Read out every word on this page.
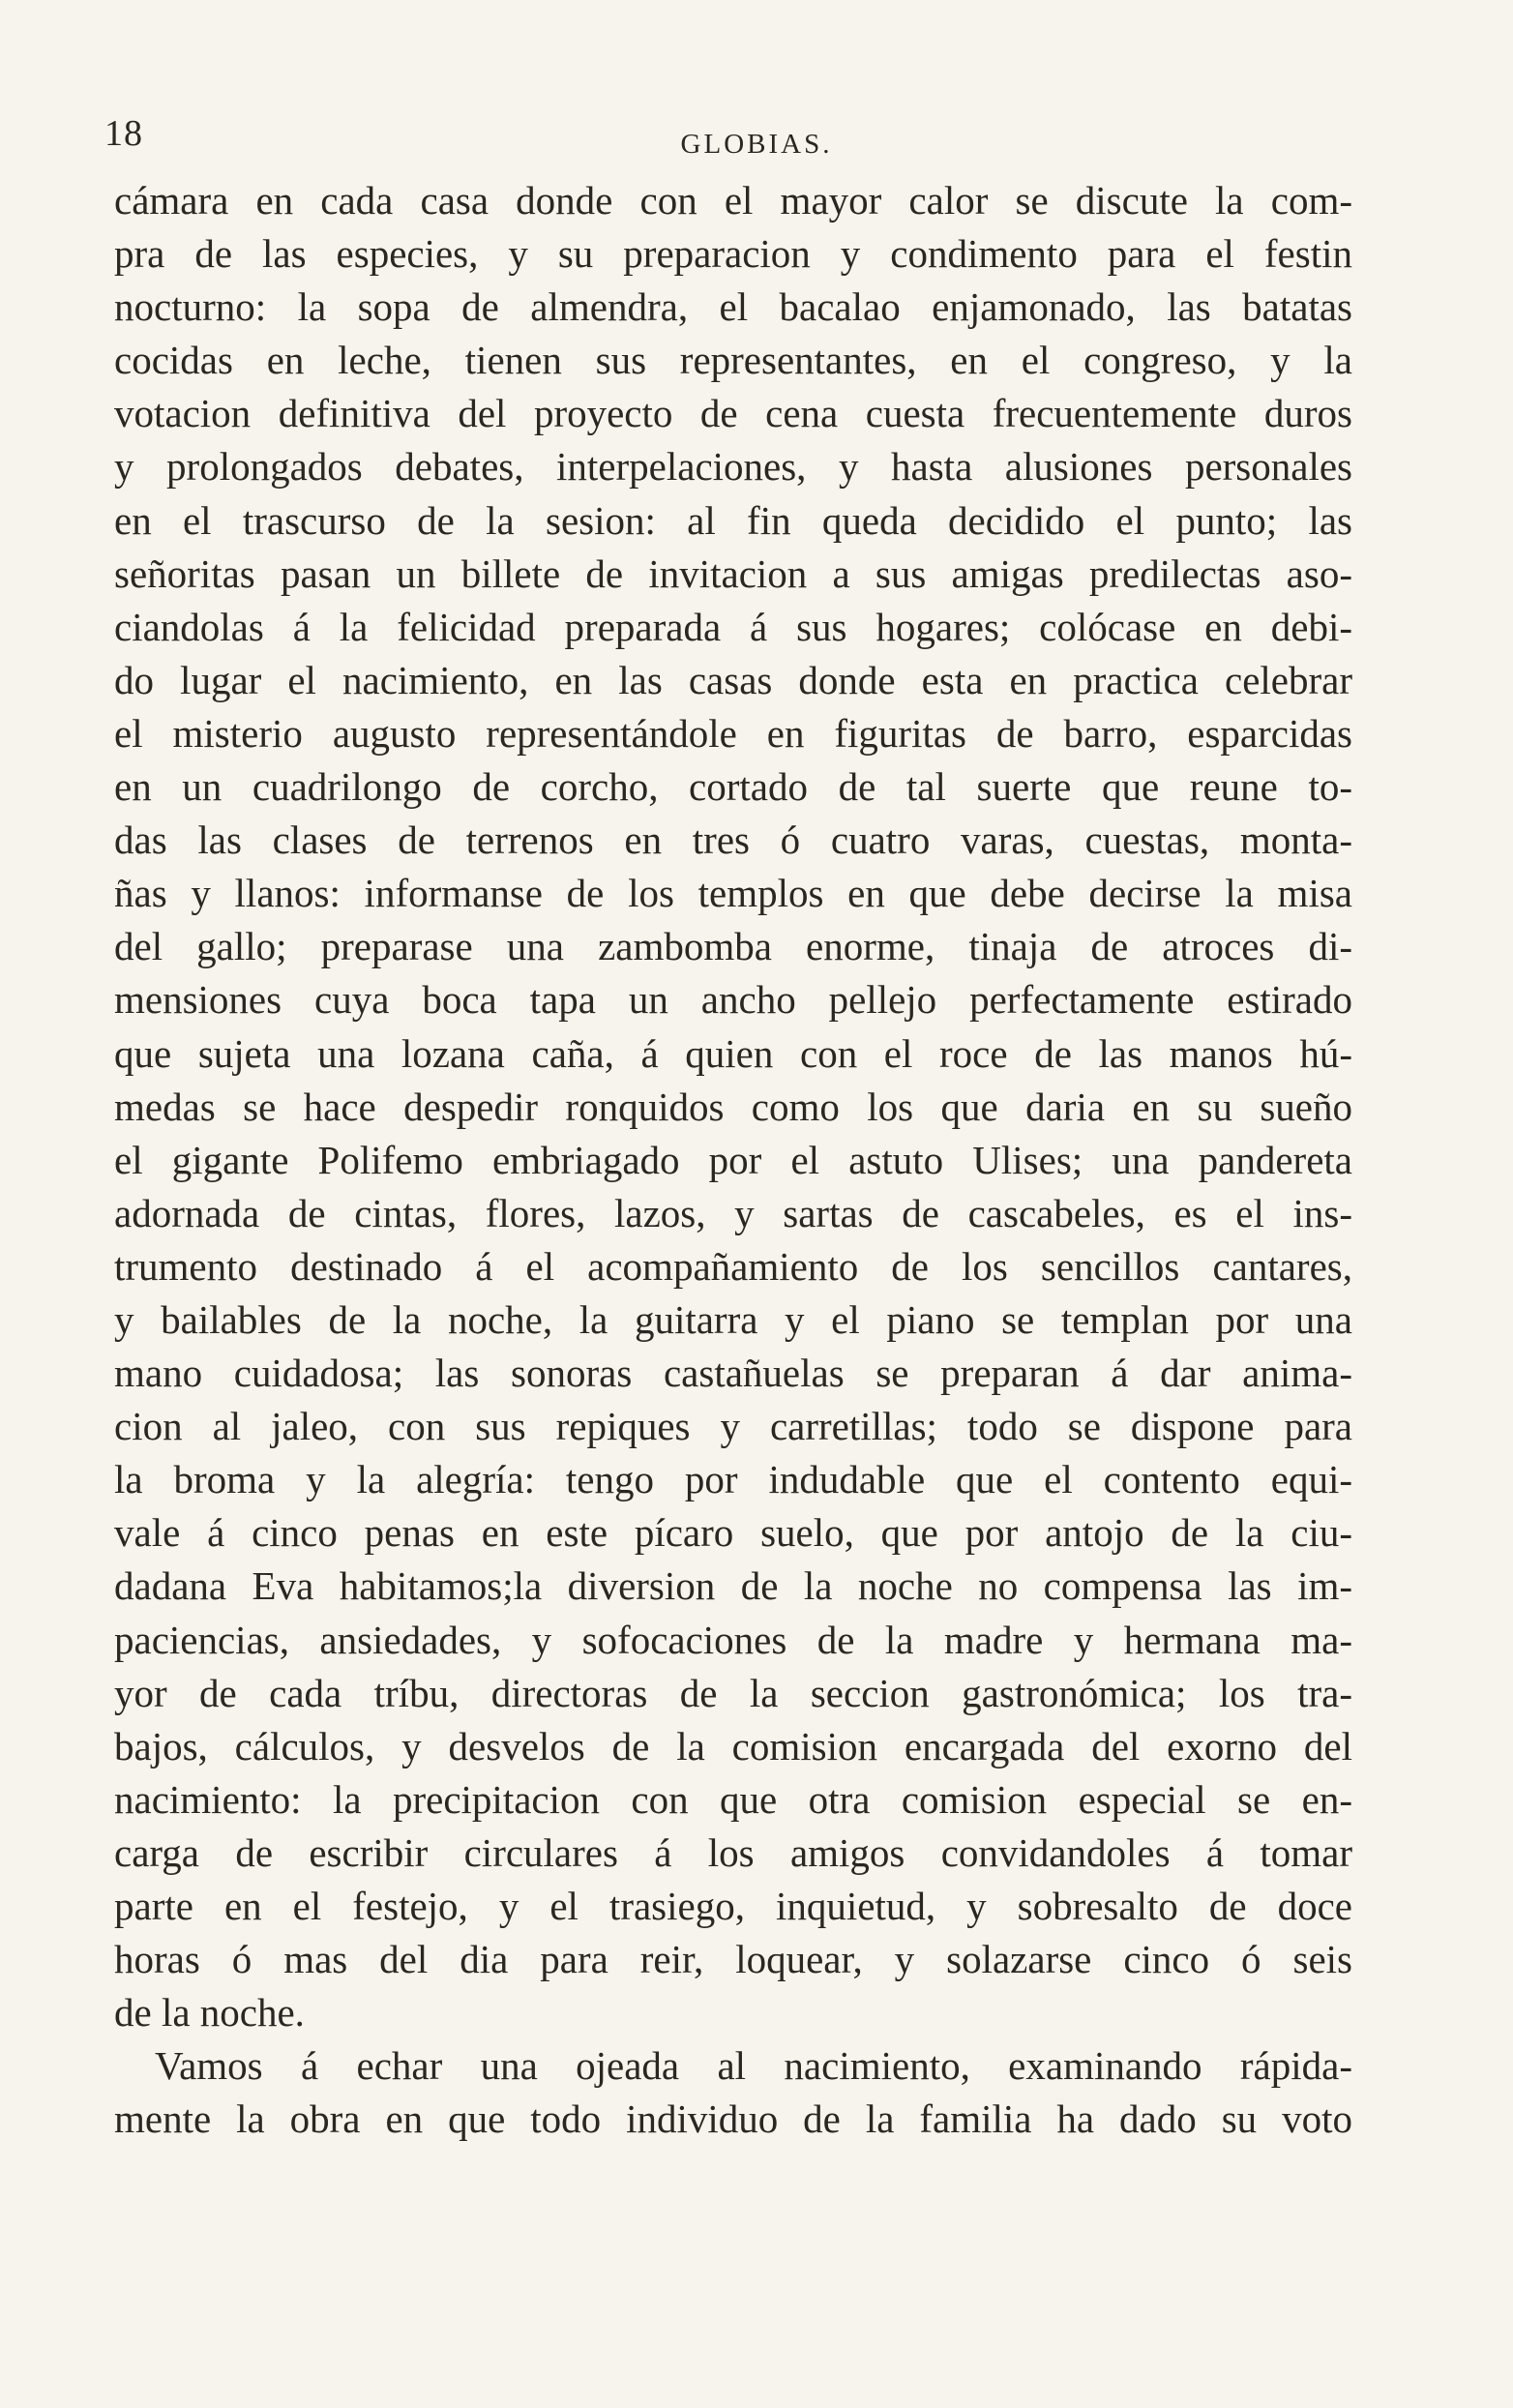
18	GLOBIAS.
cámara en cada casa donde con el mayor calor se discute la com-
pra de las especies, y su preparacion y condimento para el festin
nocturno: la sopa de almendra, el bacalao enjamonado, las batatas
cocidas en leche, tienen sus representantes, en el congreso, y la
votacion definitiva del proyecto de cena cuesta frecuentemente duros
y prolongados debates, interpelaciones, y hasta alusiones personales
en el trascurso de la sesion: al fin queda decidido el punto; las
señoritas pasan un billete de invitacion a sus amigas predilectas aso-
ciandolas á la felicidad preparada á sus hogares; colócase en debi-
do lugar el nacimiento, en las casas donde esta en practica celebrar
el misterio augusto representándole en figuritas de barro, esparcidas
en un cuadrilongo de corcho, cortado de tal suerte que reune to-
das las clases de terrenos en tres ó cuatro varas, cuestas, monta-
ñas y llanos: informanse de los templos en que debe decirse la misa
del gallo; preparase una zambomba enorme, tinaja de atroces di-
mensiones cuya boca tapa un ancho pellejo perfectamente estirado
que sujeta una lozana caña, á quien con el roce de las manos hú-
medas se hace despedir ronquidos como los que daria en su sueño
el gigante Polifemo embriagado por el astuto Ulises; una pandereta
adornada de cintas, flores, lazos, y sartas de cascabeles, es el ins-
trumento destinado á el acompañamiento de los sencillos cantares,
y bailables de la noche, la guitarra y el piano se templan por una
mano cuidadosa; las sonoras castañuelas se preparan á dar anima-
cion al jaleo, con sus repiques y carretillas; todo se dispone para
la broma y la alegría: tengo por indudable que el contento equi-
vale á cinco penas en este pícaro suelo, que por antojo de la ciu-
dadana Eva habitamos;la diversion de la noche no compensa las im-
paciencias, ansiedades, y sofocaciones de la madre y hermana ma-
yor de cada tríbu, directoras de la seccion gastronómica; los tra-
bajos, cálculos, y desvelos de la comision encargada del exorno del
nacimiento: la precipitacion con que otra comision especial se en-
carga de escribir circulares á los amigos convidandoles á tomar
parte en el festejo, y el trasiego, inquietud, y sobresalto de doce
horas ó mas del dia para reir, loquear, y solazarse cinco ó seis
de la noche.
Vamos á echar una ojeada al nacimiento, examinando rápida-
mente la obra en que todo individuo de la familia ha dado su voto
